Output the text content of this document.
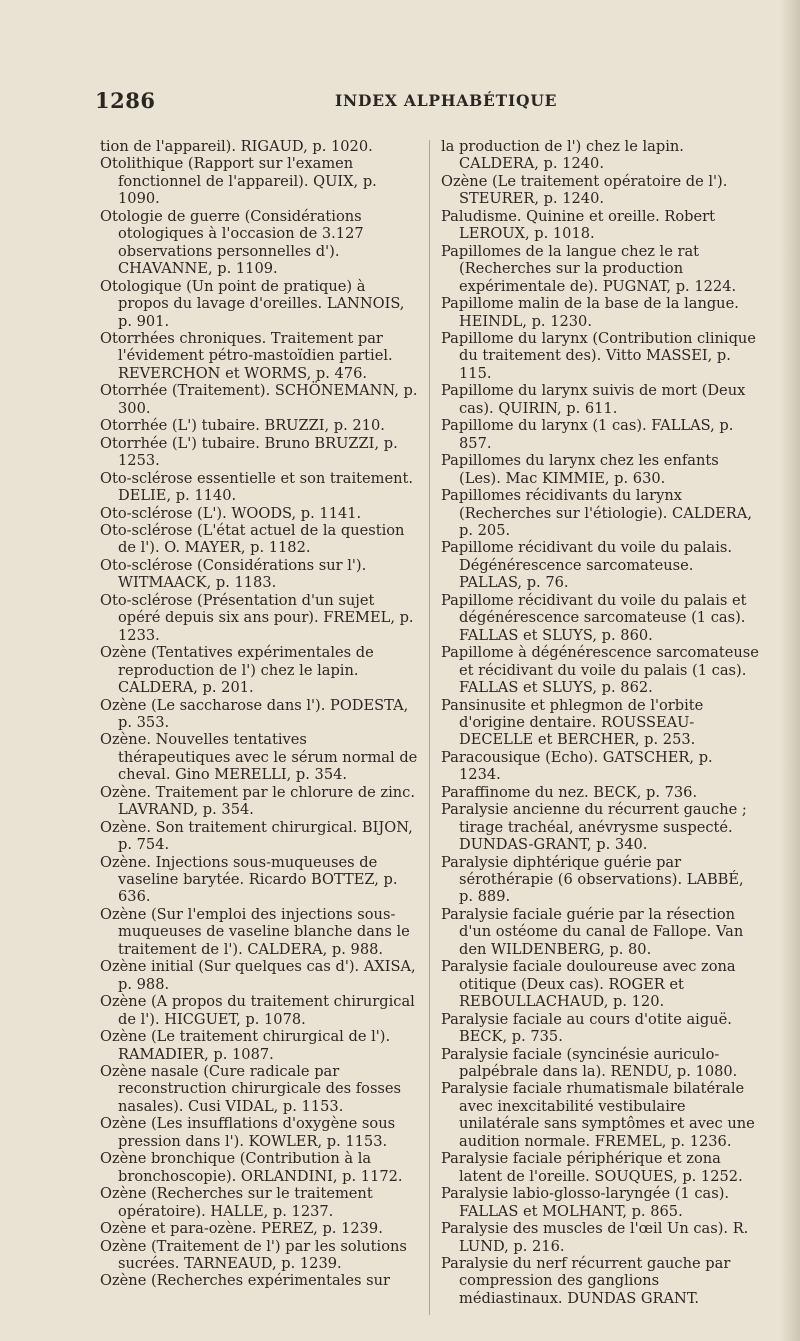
1286	INDEX ALPHABÉTIQUE

tion de l'appareil). RIGAUD, p. 1020.

Otolithique (Rapport sur l'examen fonctionnel de l'appareil). QUIX, p. 1090.

Otologie de guerre (Considérations otologiques à l'occasion de 3.127 observations personnelles d'). CHAVANNE, p. 1109.

Otologique (Un point de pratique) à propos du lavage d'oreilles. LANNOIS, p. 901.

Otorrhées chroniques. Traitement par l'évidement pétro-mastoïdien partiel. REVERCHON et WORMS, p. 476.

Otorrhée (Traitement). SCHÖNEMANN, p. 300.

Otorrhée (L') tubaire. BRUZZI, p. 210.

Otorrhée (L') tubaire. Bruno BRUZZI, p. 1253.

Oto-sclérose essentielle et son traitement. DELIE, p. 1140.

Oto-sclérose (L'). WOODS, p. 1141.

Oto-sclérose (L'état actuel de la question de l'). O. MAYER, p. 1182.

Oto-sclérose (Considérations sur l'). WITMAACK, p. 1183.

Oto-sclérose (Présentation d'un sujet opéré depuis six ans pour). FREMEL, p. 1233.

Ozène (Tentatives expérimentales de reproduction de l') chez le lapin. CALDERA, p. 201.

Ozène (Le saccharose dans l'). PODESTA, p. 353.

Ozène. Nouvelles tentatives thérapeutiques avec le sérum normal de cheval. Gino MERELLI, p. 354.

Ozène. Traitement par le chlorure de zinc. LAVRAND, p. 354.

Ozène. Son traitement chirurgical. BIJON, p. 754.

Ozène. Injections sous-muqueuses de vaseline barytée. Ricardo BOTTEZ, p. 636.

Ozène (Sur l'emploi des injections sous-muqueuses de vaseline blanche dans le traitement de l'). CALDERA, p. 988.

Ozène initial (Sur quelques cas d'). AXISA, p. 988.

Ozène (A propos du traitement chirurgical de l'). HICGUET, p. 1078.

Ozène (Le traitement chirurgical de l'). RAMADIER, p. 1087.

Ozène nasale (Cure radicale par reconstruction chirurgicale des fosses nasales). Cusi VIDAL, p. 1153.

Ozène (Les insufflations d'oxygène sous pression dans l'). KOWLER, p. 1153.

Ozène bronchique (Contribution à la bronchoscopie). ORLANDINI, p. 1172.

Ozène (Recherches sur le traitement opératoire). HALLE, p. 1237.

Ozène et para-ozène. PEREZ, p. 1239.

Ozène (Traitement de l') par les solutions sucrées. TARNEAUD, p. 1239.

Ozène (Recherches expérimentales sur

la production de l') chez le lapin. CALDERA, p. 1240.

Ozène (Le traitement opératoire de l'). STEURER, p. 1240.

Paludisme. Quinine et oreille. Robert LEROUX, p. 1018.

Papillomes de la langue chez le rat (Recherches sur la production expérimentale de). PUGNAT, p. 1224.

Papillome malin de la base de la langue. HEINDL, p. 1230.

Papillome du larynx (Contribution clinique du traitement des). Vitto MASSEI, p. 115.

Papillome du larynx suivis de mort (Deux cas). QUIRIN, p. 611.

Papillome du larynx (1 cas). FALLAS, p. 857.

Papillomes du larynx chez les enfants (Les). Mac KIMMIE, p. 630.

Papillomes récidivants du larynx (Recherches sur l'étiologie). CALDERA, p. 205.

Papillome récidivant du voile du palais. Dégénérescence sarcomateuse. PALLAS, p. 76.

Papillome récidivant du voile du palais et dégénérescence sarcomateuse (1 cas). FALLAS et SLUYS, p. 860.

Papillome à dégénérescence sarcomateuse et récidivant du voile du palais (1 cas). FALLAS et SLUYS, p. 862.

Pansinusite et phlegmon de l'orbite d'origine dentaire. ROUSSEAU-DECELLE et BERCHER, p. 253.

Paracousique (Echo). GATSCHER, p. 1234.

Paraffinome du nez. BECK, p. 736.

Paralysie ancienne du récurrent gauche ; tirage trachéal, anévrysme suspecté. DUNDAS-GRANT, p. 340.

Paralysie diphtérique guérie par sérothérapie (6 observations). LABBÉ, p. 889.

Paralysie faciale guérie par la résection d'un ostéome du canal de Fallope. Van den WILDENBERG, p. 80.

Paralysie faciale douloureuse avec zona otitique (Deux cas). ROGER et REBOULLACHAUD, p. 120.

Paralysie faciale au cours d'otite aiguë. BECK, p. 735.

Paralysie faciale (syncinésie auriculo-palpébrale dans la). RENDU, p. 1080.

Paralysie faciale rhumatismale bilatérale avec inexcitabilité vestibulaire unilatérale sans symptômes et avec une audition normale. FREMEL, p. 1236.

Paralysie faciale périphérique et zona latent de l'oreille. SOUQUES, p. 1252.

Paralysie labio-glosso-laryngée (1 cas). FALLAS et MOLHANT, p. 865.

Paralysie des muscles de l'œil Un cas). R. LUND, p. 216.

Paralysie du nerf récurrent gauche par compression des ganglions médiastinaux. DUNDAS GRANT.
